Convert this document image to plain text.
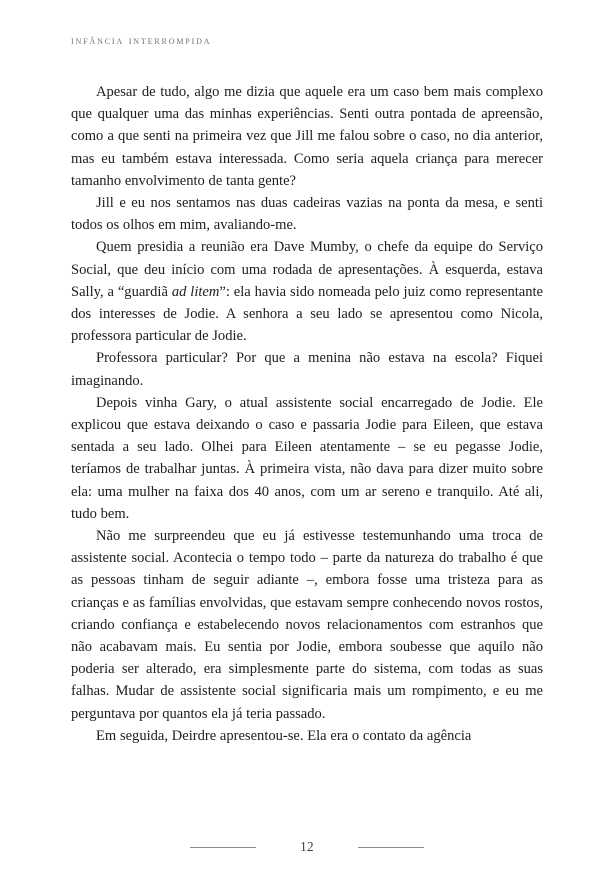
infância interrompida

Apesar de tudo, algo me dizia que aquele era um caso bem mais complexo que qualquer uma das minhas experiências. Senti outra pontada de apreensão, como a que senti na primeira vez que Jill me falou sobre o caso, no dia anterior, mas eu também estava interessada. Como seria aquela criança para merecer tamanho envolvimento de tanta gente?

Jill e eu nos sentamos nas duas cadeiras vazias na ponta da mesa, e senti todos os olhos em mim, avaliando-me.

Quem presidia a reunião era Dave Mumby, o chefe da equipe do Serviço Social, que deu início com uma rodada de apresentações. À esquerda, estava Sally, a “guardiã ad litem”: ela havia sido nomeada pelo juiz como representante dos interesses de Jodie. A senhora a seu lado se apresentou como Nicola, professora particular de Jodie.

Professora particular? Por que a menina não estava na escola? Fiquei imaginando.

Depois vinha Gary, o atual assistente social encarregado de Jodie. Ele explicou que estava deixando o caso e passaria Jodie para Eileen, que estava sentada a seu lado. Olhei para Eileen atentamente – se eu pegasse Jodie, teríamos de trabalhar juntas. À primeira vista, não dava para dizer muito sobre ela: uma mulher na faixa dos 40 anos, com um ar sereno e tranquilo. Até ali, tudo bem.

Não me surpreendeu que eu já estivesse testemunhando uma troca de assistente social. Acontecia o tempo todo – parte da natureza do trabalho é que as pessoas tinham de seguir adiante –, embora fosse uma tristeza para as crianças e as famílias envolvidas, que estavam sempre conhecendo novos rostos, criando confiança e estabelecendo novos relacionamentos com estranhos que não acabavam mais. Eu sentia por Jodie, embora soubesse que aquilo não poderia ser alterado, era simplesmente parte do sistema, com todas as suas falhas. Mudar de assistente social significaria mais um rompimento, e eu me perguntava por quantos ela já teria passado.

Em seguida, Deirdre apresentou-se. Ela era o contato da agência

12
